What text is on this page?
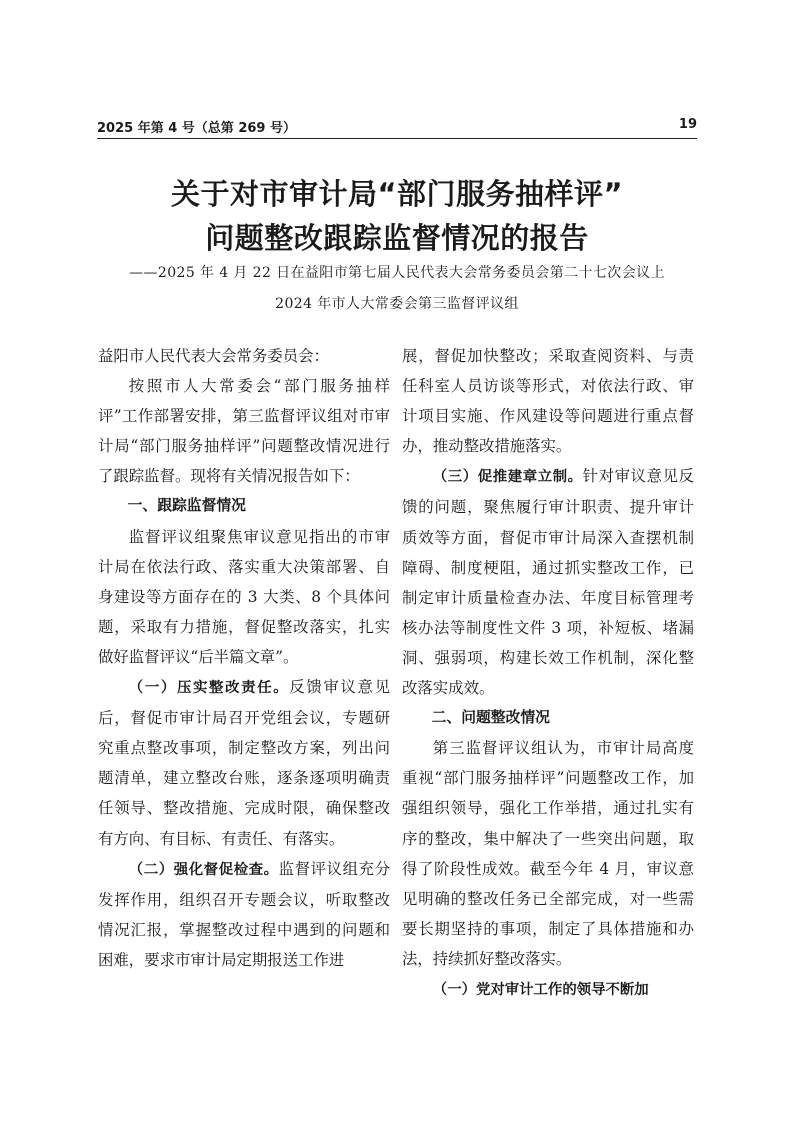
2025 年第 4 号（总第 269 号）	19
关于对市审计局“部门服务抽样评”
问题整改跟踪监督情况的报告
——2025 年 4 月 22 日在益阳市第七届人民代表大会常务委员会第二十七次会议上
2024 年市人大常委会第三监督评议组

益阳市人民代表大会常务委员会：

按照市人大常委会“部门服务抽样评”工作部署安排，第三监督评议组对市审计局“部门服务抽样评”问题整改情况进行了跟踪监督。现将有关情况报告如下：

一、跟踪监督情况

监督评议组聚焦审议意见指出的市审计局在依法行政、落实重大决策部署、自身建设等方面存在的 3 大类、8 个具体问题，采取有力措施，督促整改落实，扎实做好监督评议“后半篇文章”。

（一）压实整改责任。反馈审议意见后，督促市审计局召开党组会议，专题研究重点整改事项，制定整改方案，列出问题清单，建立整改台账，逐条逐项明确责任领导、整改措施、完成时限，确保整改有方向、有目标、有责任、有落实。

（二）强化督促检查。监督评议组充分发挥作用，组织召开专题会议，听取整改情况汇报，掌握整改过程中遇到的问题和困难，要求市审计局定期报送工作进

展，督促加快整改；采取查阅资料、与责任科室人员访谈等形式，对依法行政、审计项目实施、作风建设等问题进行重点督办，推动整改措施落实。

（三）促推建章立制。针对审议意见反馈的问题，聚焦履行审计职责、提升审计质效等方面，督促市审计局深入查摆机制障碍、制度梗阻，通过抓实整改工作，已制定审计质量检查办法、年度目标管理考核办法等制度性文件 3 项，补短板、堵漏洞、强弱项，构建长效工作机制，深化整改落实成效。

二、问题整改情况

第三监督评议组认为，市审计局高度重视“部门服务抽样评”问题整改工作，加强组织领导，强化工作举措，通过扎实有序的整改，集中解决了一些突出问题，取得了阶段性成效。截至今年 4 月，审议意见明确的整改任务已全部完成，对一些需要长期坚持的事项，制定了具体措施和办法，持续抓好整改落实。

（一）党对审计工作的领导不断加
